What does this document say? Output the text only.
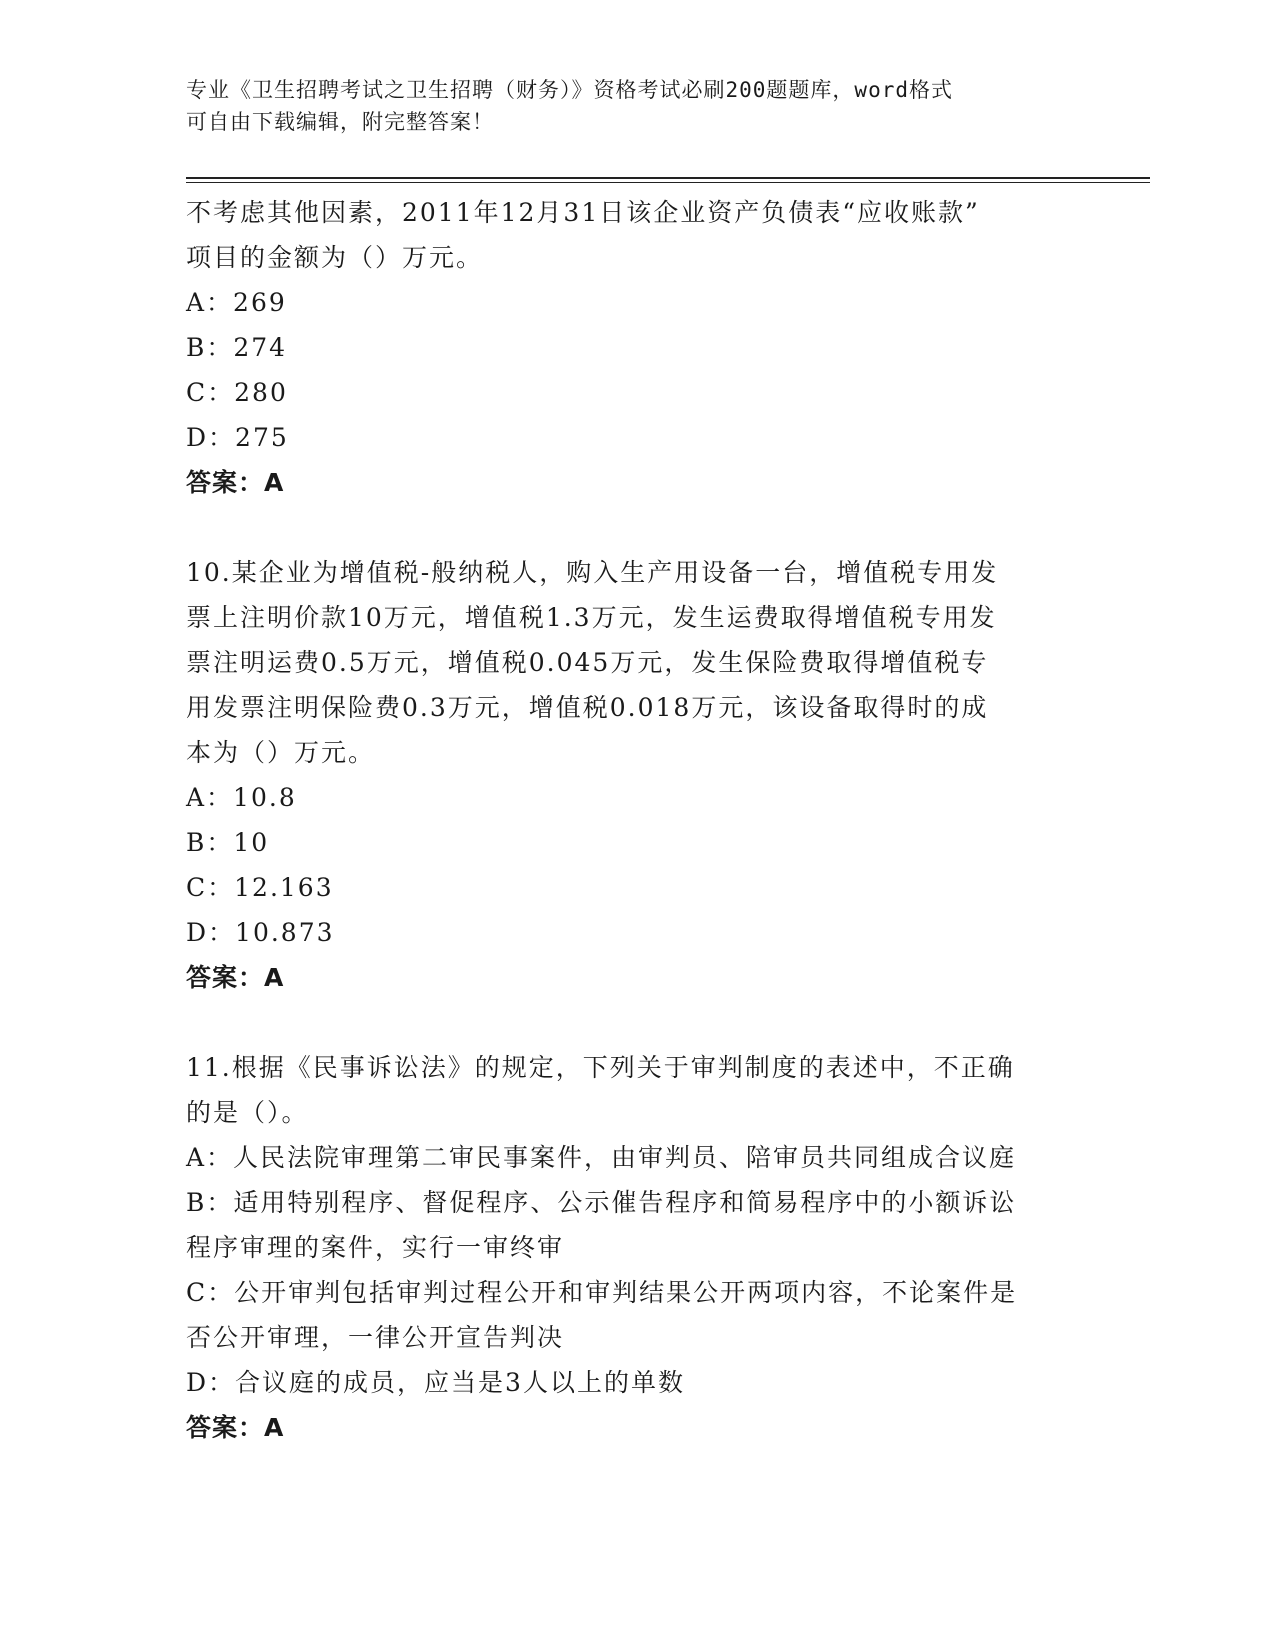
专业《卫生招聘考试之卫生招聘（财务）》资格考试必刷200题题库，word格式
可自由下载编辑，附完整答案！
不考虑其他因素，2011年12月31日该企业资产负债表“应收账款”
项目的金额为（）万元。
A：269
B：274
C：280
D：275
答案：A
10.某企业为增值税-般纳税人，购入生产用设备一台，增值税专用发
票上注明价款10万元，增值税1.3万元，发生运费取得增值税专用发
票注明运费0.5万元，增值税0.045万元，发生保险费取得增值税专
用发票注明保险费0.3万元，增值税0.018万元，该设备取得时的成
本为（）万元。
A：10.8
B：10
C：12.163
D：10.873
答案：A
11.根据《民事诉讼法》的规定，下列关于审判制度的表述中，不正确
的是（）。
A：人民法院审理第二审民事案件，由审判员、陪审员共同组成合议庭
B：适用特别程序、督促程序、公示催告程序和简易程序中的小额诉讼
程序审理的案件，实行一审终审
C：公开审判包括审判过程公开和审判结果公开两项内容，不论案件是
否公开审理，一律公开宣告判决
D：合议庭的成员，应当是3人以上的单数
答案：A
